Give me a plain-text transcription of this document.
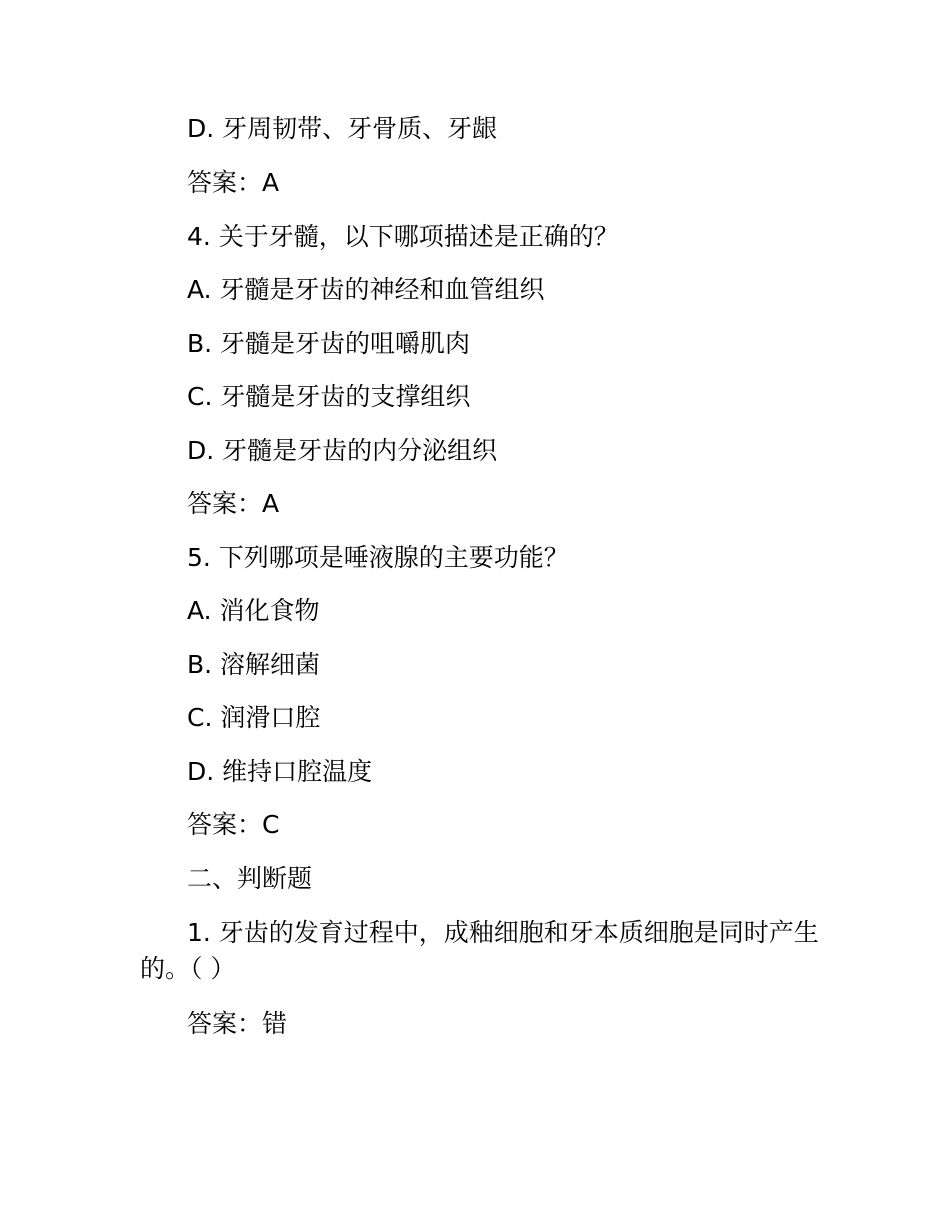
D. 牙周韧带、牙骨质、牙龈
答案：A
4. 关于牙髓，以下哪项描述是正确的？
A. 牙髓是牙齿的神经和血管组织
B. 牙髓是牙齿的咀嚼肌肉
C. 牙髓是牙齿的支撑组织
D. 牙髓是牙齿的内分泌组织
答案：A
5. 下列哪项是唾液腺的主要功能？
A. 消化食物
B. 溶解细菌
C. 润滑口腔
D. 维持口腔温度
答案：C
二、判断题
1. 牙齿的发育过程中，成釉细胞和牙本质细胞是同时产生的。（ ）
答案：错
